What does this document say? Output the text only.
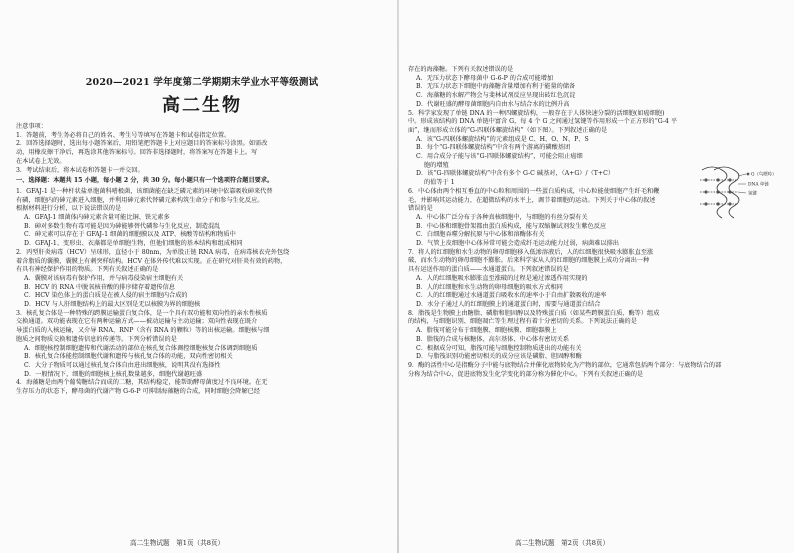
2020—2021 学年度第二学期期末学业水平等级测试
高二生物

注意事项：

1．答题前，考生务必将自己的姓名、考生号等填写在答题卡和试卷指定位置。

2．回答选择题时，选出每小题答案后，用铅笔把答题卡上对应题目的答案标号涂黑。如需改

动，用橡皮擦干净后，再选涂其他答案标号。回答非选择题时，将答案写在答题卡上。写

在本试卷上无效。

3．考试结束后，将本试卷和答题卡一并交回。

一、选择题：本题共 15 小题，每小题 2 分，共 30 分。每小题只有一个选项符合题目要求。

1．GFAJ-1 是一种杆状盐单胞菌科嗜极菌，该细菌能在缺乏磷元素的环境中依靠吸收砷来代替

有磷，细胞内的砷元素进入细胞，并利用砷元素代替磷元素构筑生命分子和参与生化反应。

根据材料进行分析，以下说法错误的是

A．GFAJ-1 细菌体内砷元素含量可能比铜、铁元素多

B．砷对多数生物有毒可能是因为砷能够替代磷参与生化反应，制造混乱

C．砷元素可以存在于 GFAJ-1 细菌的细胞膜以及 ATP、核酸等结构和物质中

D．GFAJ-1、变形虫、衣藻都是单细胞生物，但他们细胞的基本结构和组成相同

2．丙型肝炎病毒（HCV）呈球形，直径小于 80nm，为单股正链 RNA 病毒，在病毒核衣壳外包绕

着含脂质的囊膜，囊膜上有刺突样结构。HCV 在体外传代难以实现。正在研究对肝炎有效的药物，

有具有神经保护作用的物质。下列有关叙述正确的是

A．囊膜对该病毒有保护作用，并与病毒侵染宿主细胞有关

B．HCV 的 RNA 中脱氧核苷酸的排序储存着遗传信息

C．HCV 染色体上的蛋白质是在被人侵的宿主细胞内合成的

D．HCV 与人肝细胞结构上的最大区别是无以核膜为界的细胞核

3．核孔复合体是一种特殊的跨膜运输蛋白复合体，是一个具有双功能和双向性的亲水性核质

交换通道。双功能表现在它有两种运输方式——被动运输与主动运输；双向性表现在既介

导蛋白质的入核运输，又介导 RNA、RNP（含有 RNA 的颗粒）等的出核运输。细胞核与细

胞质之间物质交换和遗传信息的传递等。下列分析错误的是

A．细胞核控制细胞遗传和代谢活动的部位在核孔复合体调控细胞核复合体调到细胞质

B．核孔复合体能控制细胞代谢和遗传与核孔复合体的功能，双向性密切相关

C．大分子物质可以通过核孔复合体自由进出细胞核，说明其没有选择性

D．一般情况下，细胞的细胞核上核孔数量越多，细胞代谢越旺盛

4．海藻糖是由两个葡萄糖结合而成的二糖，其结构稳定，能帮助酵母菌度过不良环境。在无

生存压力的状态下，酵母菌的代谢产物 G-6-P 可抑制海藻糖的合成，同时细胞会降解已经

高二生物试题　第1页（共8页）

存在的海藻糖。下列有关叙述错误的是

A．无压力状态下酵母菌中 G-6-P 的合成可能增加

B．无压力状态下细胞中海藻糖含量增加有利于能量的储备

C．海藻糖的水解产物会与斐林试剂反应呈现出砖红色沉淀

D．代谢旺盛的酵母菌细胞内自由水与结合水的比例升高

5．科学家发现了单链 DNA 的一种四螺旋结构，一般存在于人体快速分裂的活细胞(如癌细胞)

中。形成该结构的 DNA 单链中富含 G，每 4 个 G 之间通过氢键等作用形成一个正方形的“G-4 平

面”，继而形成立体的“G-四联体螺旋结构”（如下图）。下列叙述正确的是

A．该“G-四联体螺旋结构”的元素组成是 C、H、O、N、P、S

B．每个“G-四联体螺旋结构”中含有两个游离的磷酸基团

C．用合成分子能与该“G-四联体螺旋结构”，可能会阻止癌细

胞的增殖

D．该“G-四联体螺旋结构”中含有多个 G-C 碱基对，（A+G）/（T+C）

的值等于 1

G（鸟嘌呤）
DNA 单链
氢键

6．中心体由两个相互垂直的中心粒和周围的一些蛋白质构成，中心粒能使细胞产生纤毛和鞭

毛，并影响其运动能力，在超微结构的水平上，调节着细胞的运动。下列关于中心体的叙述

错误的是

A．中心体广泛分布于各种真核细胞中，与细胞的有丝分裂有关

B．中心体和细胞骨架都由蛋白质构成，能与双缩脲试剂发生紫色反应

C．白细胞吞噬分解抗原与中心体和溶酶体有关

D．气管上皮细胞中心体异常可能会造成纤毛运动能力过弱，病菌难以排出

7．将人的红细胞和水生动物的卵母细胞移入低渗溶液后，人的红细胞很快吸水膨胀直至涨

破，而水生动物的卵母细胞不膨胀。后来科学家从人的红细胞的细胞膜上成功分离出一种

具有运送作用的蛋白质——水通道蛋白。下列叙述错误的是

A．人的红细胞吸水膨胀直至涨破的过程是通过渗透作用实现的

B．人的红细胞和水生动物的卵母细胞的吸水方式相同

C．人的红细胞通过水通道蛋白吸收水的速率小于自由扩散吸收的速率

D．水分子通过人的红细胞膜上的通道蛋白时，需要与通道蛋白结合

8．脂筏是生物膜上由糖脂、磷脂和胆固醇以及特殊蛋白质（如某些跨膜蛋白质、酶等）组成

的结构，与细胞识别、细胞凋亡等生理过程有着十分密切的关系。下列说法正确的是

A．脂筏可能分布于细胞膜、细胞核膜、细胞器膜上

B．脂筏的合成与核糖体、高尔基体、中心体有密切关系

C．根据成分可知，脂筏可能与细胞控制物质进出的功能有关

D．与脂筏识别功能密切相关的成分应该是磷脂、胆固醇和酶

9．酶的活性中心是指酶分子中能与底物结合并催化底物转化为产物的部位，它通常包括两个部分：与底物结合的部

分称为结合中心，促进底物发生化学变化的部分称为催化中心。下列有关叙述正确的是

高二生物试题　第2页（共8页）
